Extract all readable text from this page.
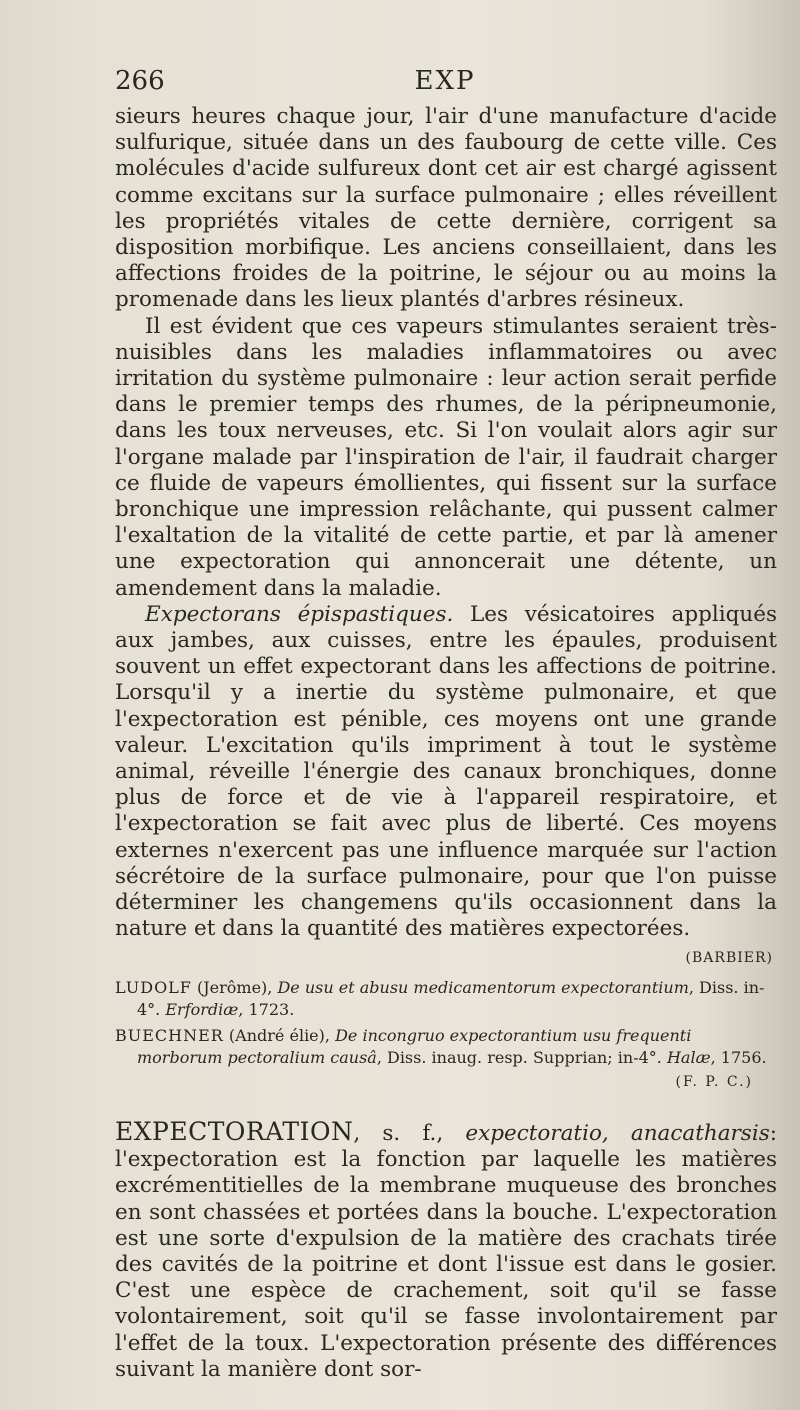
266	EXP

sieurs heures chaque jour, l'air d'une manufacture d'acide sulfurique, située dans un des faubourg de cette ville. Ces molécules d'acide sulfureux dont cet air est chargé agissent comme excitans sur la surface pulmonaire ; elles réveillent les propriétés vitales de cette dernière, corrigent sa disposition morbifique. Les anciens conseillaient, dans les affections froides de la poitrine, le séjour ou au moins la promenade dans les lieux plantés d'arbres résineux.

Il est évident que ces vapeurs stimulantes seraient très-nuisibles dans les maladies inflammatoires ou avec irritation du système pulmonaire : leur action serait perfide dans le premier temps des rhumes, de la péripneumonie, dans les toux nerveuses, etc. Si l'on voulait alors agir sur l'organe malade par l'inspiration de l'air, il faudrait charger ce fluide de vapeurs émollientes, qui fissent sur la surface bronchique une impression relâchante, qui pussent calmer l'exaltation de la vitalité de cette partie, et par là amener une expectoration qui annoncerait une détente, un amendement dans la maladie.

Expectorans épispastiques. Les vésicatoires appliqués aux jambes, aux cuisses, entre les épaules, produisent souvent un effet expectorant dans les affections de poitrine. Lorsqu'il y a inertie du système pulmonaire, et que l'expectoration est pénible, ces moyens ont une grande valeur. L'excitation qu'ils impriment à tout le système animal, réveille l'énergie des canaux bronchiques, donne plus de force et de vie à l'appareil respiratoire, et l'expectoration se fait avec plus de liberté. Ces moyens externes n'exercent pas une influence marquée sur l'action sécrétoire de la surface pulmonaire, pour que l'on puisse déterminer les changemens qu'ils occasionnent dans la nature et dans la quantité des matières expectorées.

(BARBIER)
LUDOLF (Jerôme), De usu et abusu medicamentorum expectorantium, Diss. in-4°. Erfordiæ, 1723.
BUECHNER (André élie), De incongruo expectorantium usu frequenti morborum pectoralium causâ, Diss. inaug. resp. Supprian; in-4°. Halæ, 1756.
(F. P. C.)

EXPECTORATION, s. f., expectoratio, anacatharsis: l'expectoration est la fonction par laquelle les matières excrémentitielles de la membrane muqueuse des bronches en sont chassées et portées dans la bouche. L'expectoration est une sorte d'expulsion de la matière des crachats tirée des cavités de la poitrine et dont l'issue est dans le gosier. C'est une espèce de crachement, soit qu'il se fasse volontairement, soit qu'il se fasse involontairement par l'effet de la toux. L'expectoration présente des différences suivant la manière dont sor-
